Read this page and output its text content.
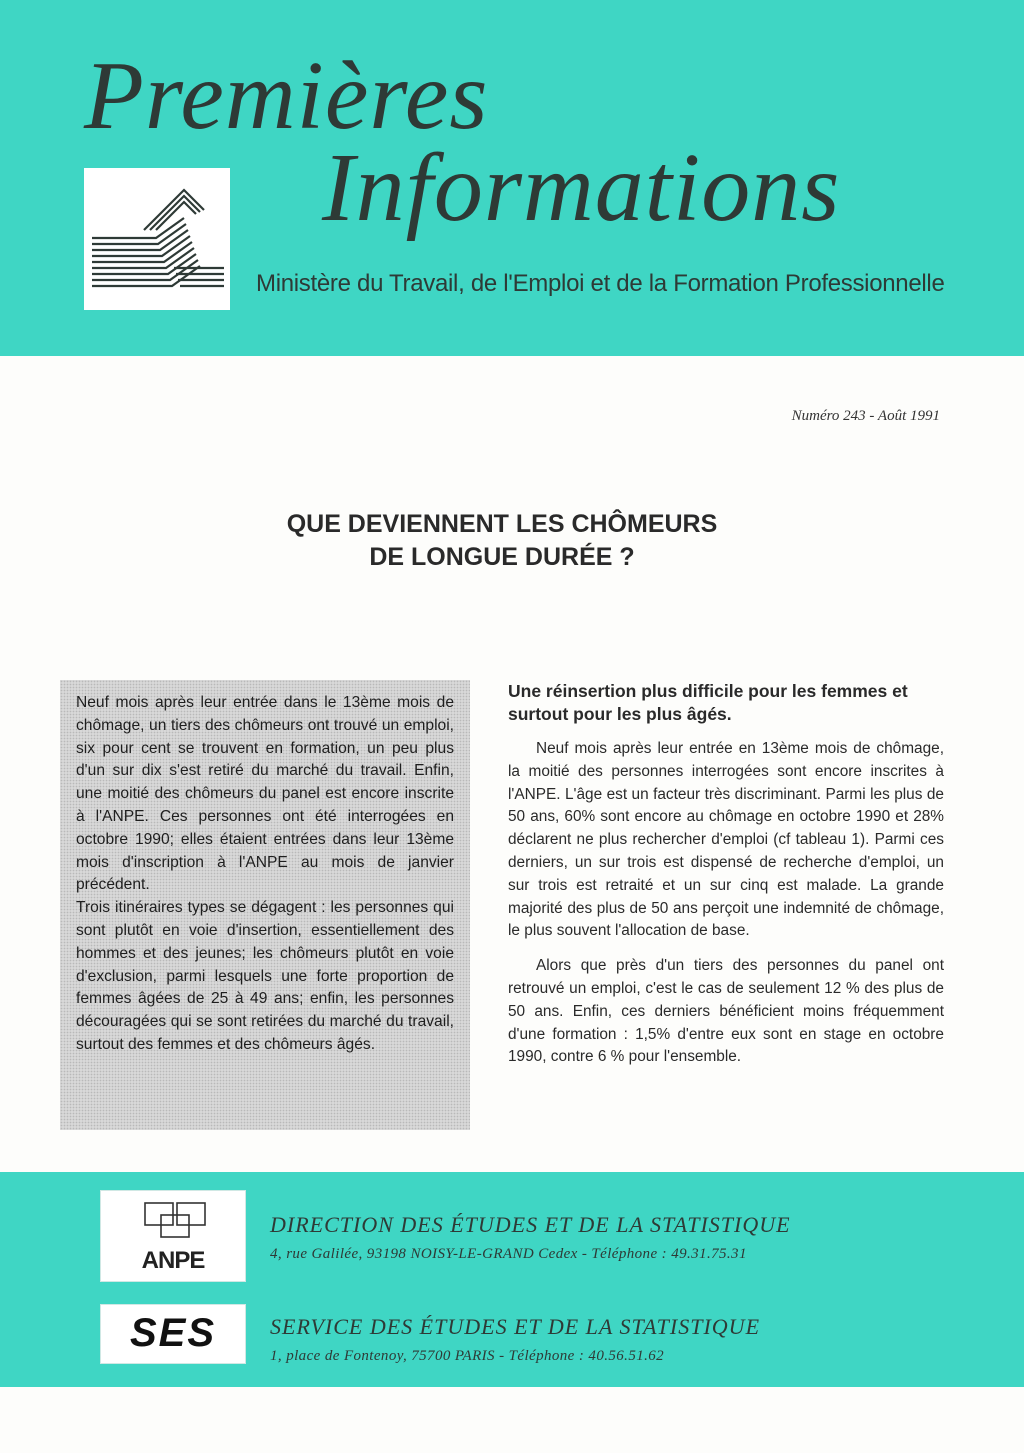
Premières
Informations
Ministère du Travail, de l'Emploi et de la Formation Professionnelle
Numéro 243 - Août 1991
QUE DEVIENNENT LES CHÔMEURS
DE LONGUE DURÉE ?

Neuf mois après leur entrée dans le 13ème mois de chômage, un tiers des chômeurs ont trouvé un emploi, six pour cent se trouvent en formation, un peu plus d'un sur dix s'est retiré du marché du travail. Enfin, une moitié des chômeurs du panel est encore inscrite à l'ANPE. Ces personnes ont été interrogées en octobre 1990; elles étaient entrées dans leur 13ème mois d'inscription à l'ANPE au mois de janvier précédent.

Trois itinéraires types se dégagent : les personnes qui sont plutôt en voie d'insertion, essentiellement des hommes et des jeunes; les chômeurs plutôt en voie d'exclusion, parmi lesquels une forte proportion de femmes âgées de 25 à 49 ans; enfin, les personnes découragées qui se sont retirées du marché du travail, surtout des femmes et des chômeurs âgés.

Une réinsertion plus difficile pour les femmes et surtout pour les plus âgés.

Neuf mois après leur entrée en 13ème mois de chômage, la moitié des personnes interrogées sont encore inscrites à l'ANPE. L'âge est un facteur très discriminant. Parmi les plus de 50 ans, 60% sont encore au chômage en octobre 1990 et 28% déclarent ne plus rechercher d'emploi (cf tableau 1). Parmi ces derniers, un sur trois est dispensé de recherche d'emploi, un sur trois est retraité et un sur cinq est malade. La grande majorité des plus de 50 ans perçoit une indemnité de chômage, le plus souvent l'allocation de base.

Alors que près d'un tiers des personnes du panel ont retrouvé un emploi, c'est le cas de seulement 12 % des plus de 50 ans. Enfin, ces derniers bénéficient moins fréquemment d'une formation : 1,5% d'entre eux sont en stage en octobre 1990, contre 6 % pour l'ensemble.

ANPE
DIRECTION DES ÉTUDES ET DE LA STATISTIQUE
4, rue Galilée, 93198 NOISY-LE-GRAND Cedex - Téléphone : 49.31.75.31
SES	SERVICE DES ÉTUDES ET DE LA STATISTIQUE
1, place de Fontenoy, 75700 PARIS - Téléphone : 40.56.51.62
